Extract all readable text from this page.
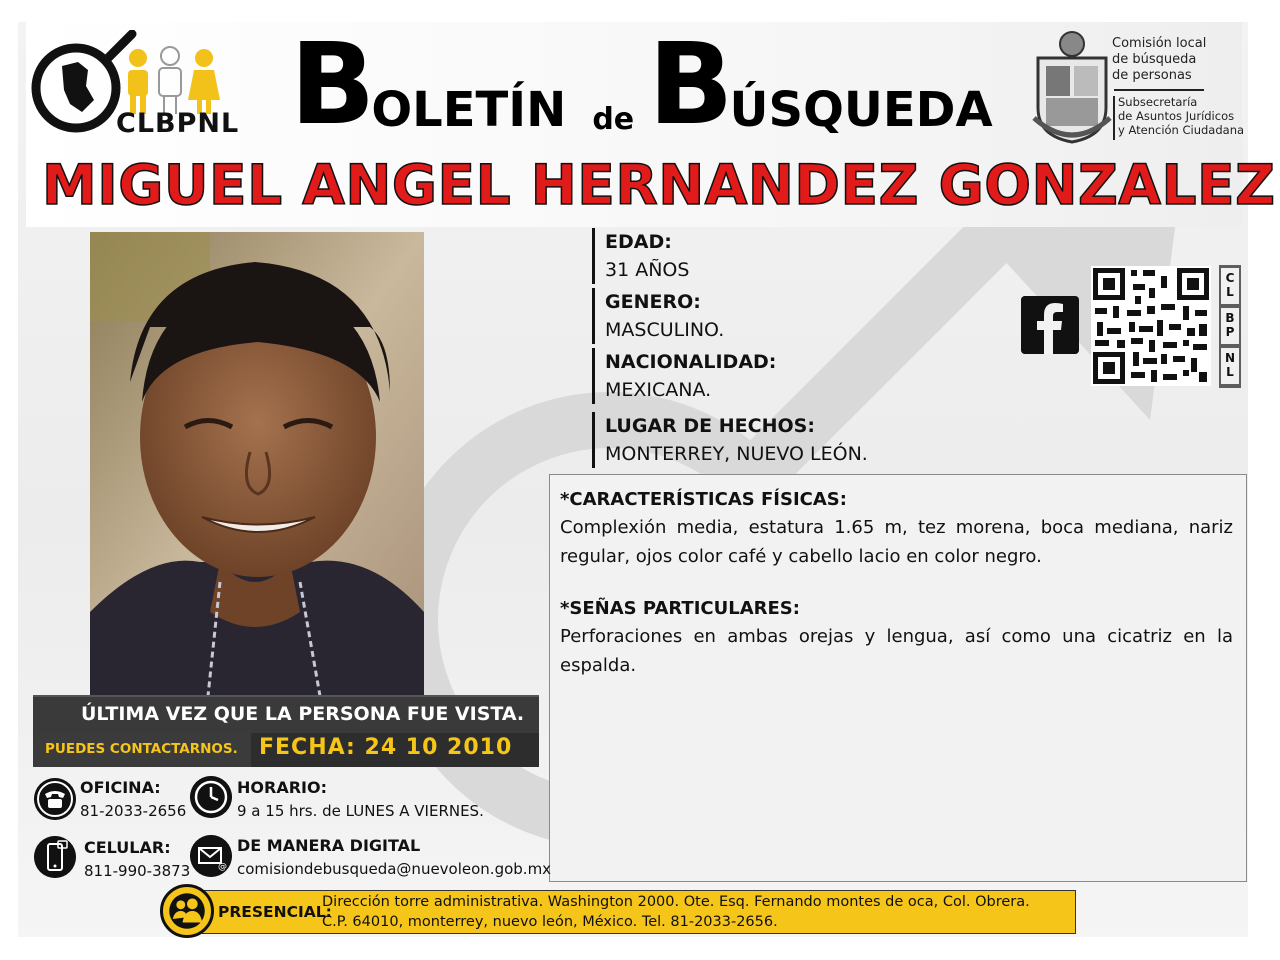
CLBPNL BOLETÍN de BÚSQUEDA
Comisión local
de búsqueda
de personas
Subsecretaría
de Asuntos Jurídicos
y Atención Ciudadana
MIGUEL ANGEL HERNANDEZ GONZALEZ
EDAD:
31 AÑOS
GENERO:
MASCULINO.
NACIONALIDAD:
MEXICANA.
LUGAR DE HECHOS:
MONTERREY, NUEVO LEÓN.
C L
B P
N L
*CARACTERÍSTICAS FÍSICAS:
Complexión media, estatura 1.65 m, tez morena, boca mediana, nariz regular, ojos color café y cabello lacio en color negro.
*SEÑAS PARTICULARES:
Perforaciones en ambas orejas y lengua, así como una cicatriz en la espalda.
ÚLTIMA VEZ QUE LA PERSONA FUE VISTA.
PUEDES CONTACTARNOS. FECHA: 24 10 2010
OFICINA:
81-2033-2656
HORARIO:
9 a 15 hrs. de LUNES A VIERNES.
CELULAR:
811-990-3873	@
DE MANERA DIGITAL
comisiondebusqueda@nuevoleon.gob.mx
PRESENCIAL:
Dirección torre administrativa. Washington 2000. Ote. Esq. Fernando montes de oca, Col. Obrera.
C.P. 64010, monterrey, nuevo león, México. Tel. 81-2033-2656.
